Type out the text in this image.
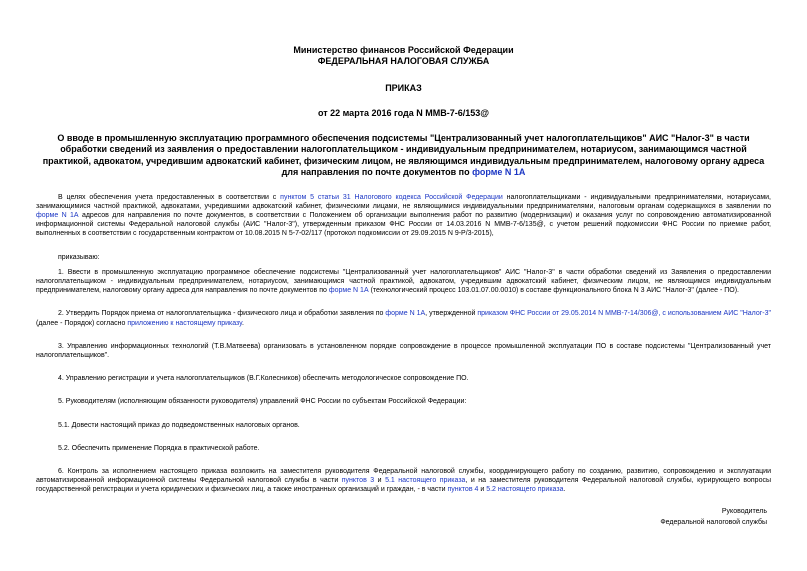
Министерство финансов Российской Федерации
ФЕДЕРАЛЬНАЯ НАЛОГОВАЯ СЛУЖБА
ПРИКАЗ
от 22 марта 2016 года N ММВ-7-6/153@
О вводе в промышленную эксплуатацию программного обеспечения подсистемы "Централизованный учет налогоплательщиков" АИС "Налог-3" в части обработки сведений из заявления о предоставлении налогоплательщиком - индивидуальным предпринимателем, нотариусом, занимающимся частной практикой, адвокатом, учредившим адвокатский кабинет, физическим лицом, не являющимся индивидуальным предпринимателем, налоговому органу адреса для направления по почте документов по форме N 1А

В целях обеспечения учета предоставленных в соответствии с пунктом 5 статьи 31 Налогового кодекса Российской Федерации налогоплательщиками - индивидуальными предпринимателями, нотариусами, занимающимися частной практикой, адвокатами, учредившими адвокатский кабинет, физическими лицами, не являющимися индивидуальными предпринимателями, налоговым органам содержащихся в заявлении по форме N 1А адресов для направления по почте документов, в соответствии с Положением об организации выполнения работ по развитию (модернизации) и оказания услуг по сопровождению автоматизированной информационной системы Федеральной налоговой службы (АИС "Налог-3"), утвержденным приказом ФНС России от 14.03.2016 N ММВ-7-6/135@, с учетом решений подкомиссии ФНС России по приемке работ, выполненных в соответствии с государственным контрактом от 10.08.2015 N 5-7-02/117 (протокол подкомиссии от 29.09.2015 N 9-Р/3-2015),

приказываю:

1. Ввести в промышленную эксплуатацию программное обеспечение подсистемы "Централизованный учет налогоплательщиков" АИС "Налог-3" в части обработки сведений из Заявления о предоставлении налогоплательщиком - индивидуальным предпринимателем, нотариусом, занимающимся частной практикой, адвокатом, учредившим адвокатский кабинет, физическим лицом, не являющимся индивидуальным предпринимателем, налоговому органу адреса для направления по почте документов по форме N 1А (технологический процесс 103.01.07.00.0010) в составе функционального блока N 3 АИС "Налог-3" (далее - ПО).

2. Утвердить Порядок приема от налогоплательщика - физического лица и обработки заявления по форме N 1А, утвержденной приказом ФНС России от 29.05.2014 N ММВ-7-14/306@, с использованием АИС "Налог-3" (далее - Порядок) согласно приложению к настоящему приказу.

3. Управлению информационных технологий (Т.В.Матвеева) организовать в установленном порядке сопровождение в процессе промышленной эксплуатации ПО в составе подсистемы "Централизованный учет налогоплательщиков".

4. Управлению регистрации и учета налогоплательщиков (В.Г.Колесников) обеспечить методологическое сопровождение ПО.

5. Руководителям (исполняющим обязанности руководителя) управлений ФНС России по субъектам Российской Федерации:

5.1. Довести настоящий приказ до подведомственных налоговых органов.

5.2. Обеспечить применение Порядка в практической работе.

6. Контроль за исполнением настоящего приказа возложить на заместителя руководителя Федеральной налоговой службы, координирующего работу по созданию, развитию, сопровождению и эксплуатации автоматизированной информационной системы Федеральной налоговой службы в части пунктов 3 и 5.1 настоящего приказа, и на заместителя руководителя Федеральной налоговой службы, курирующего вопросы государственной регистрации и учета юридических и физических лиц, а также иностранных организаций и граждан, - в части пунктов 4 и 5.2 настоящего приказа.

Руководитель
Федеральной налоговой службы
